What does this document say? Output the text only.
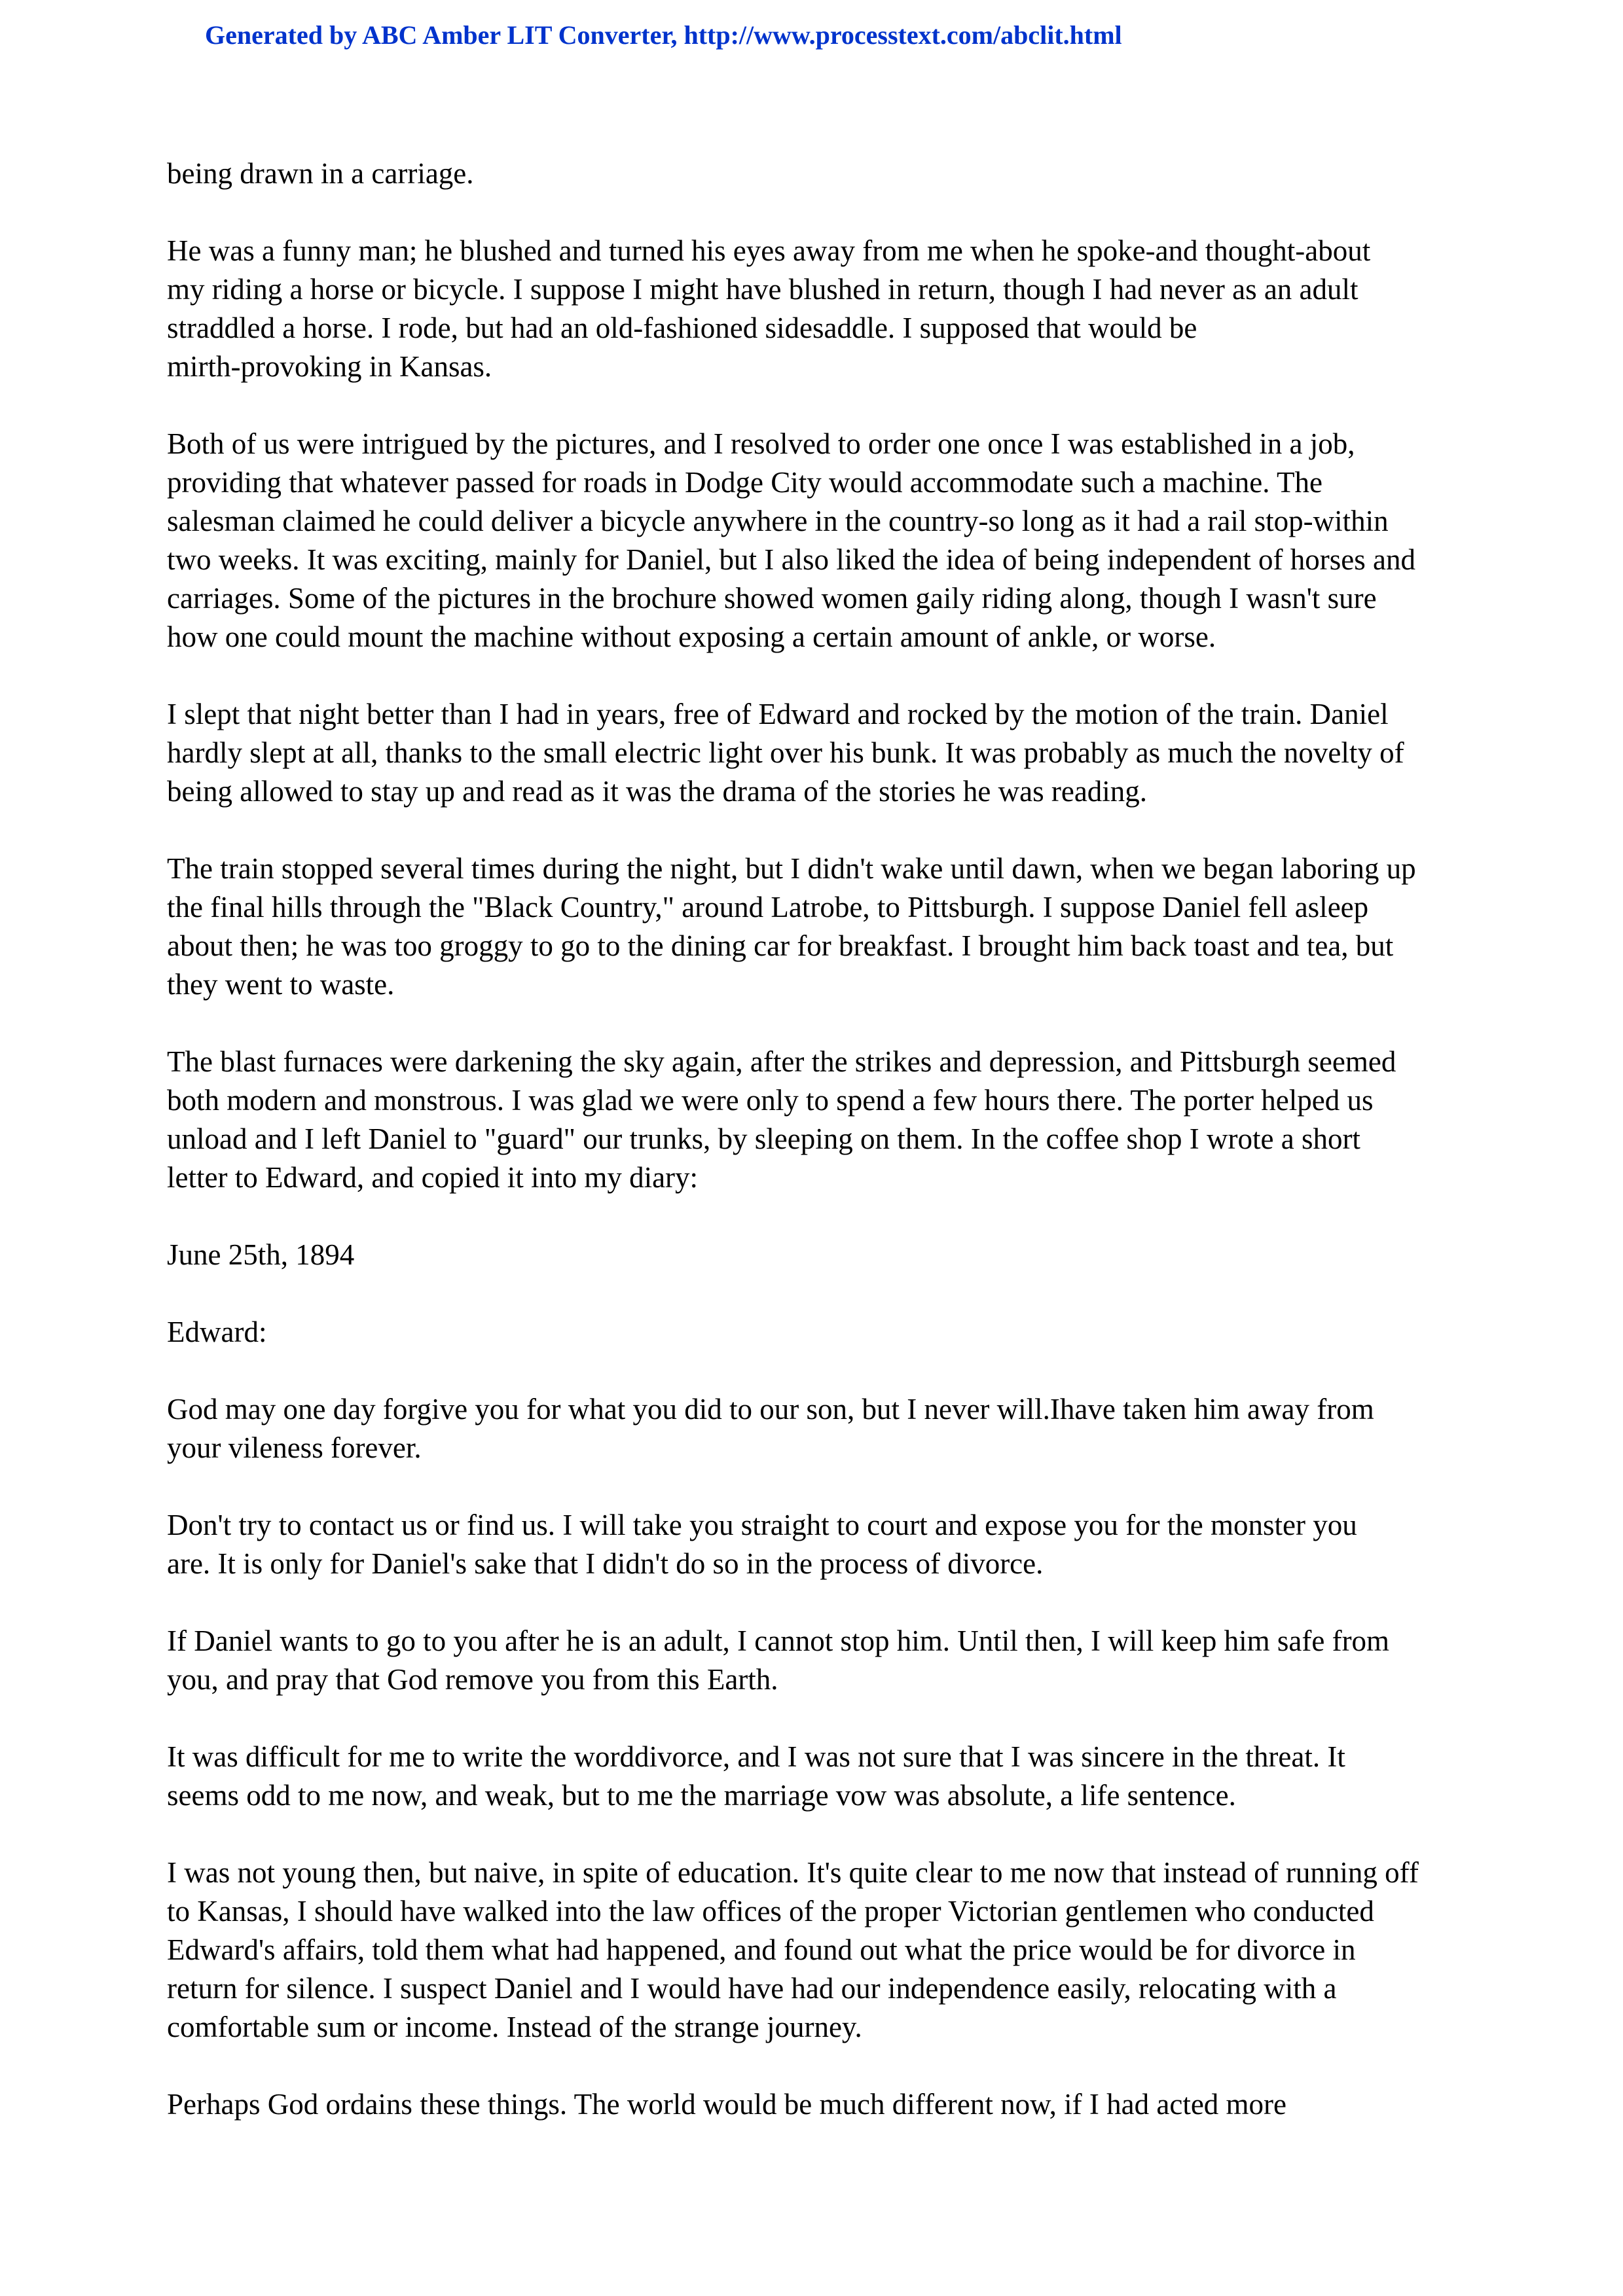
Generated by ABC Amber LIT Converter, http://www.processtext.com/abclit.html

being drawn in a carriage.

He was a funny man; he blushed and turned his eyes away from me when he spoke-and thought-about
my riding a horse or bicycle. I suppose I might have blushed in return, though I had never as an adult
straddled a horse. I rode, but had an old-fashioned sidesaddle. I supposed that would be
mirth-provoking in Kansas.

Both of us were intrigued by the pictures, and I resolved to order one once I was established in a job,
providing that whatever passed for roads in Dodge City would accommodate such a machine. The
salesman claimed he could deliver a bicycle anywhere in the country-so long as it had a rail stop-within
two weeks. It was exciting, mainly for Daniel, but I also liked the idea of being independent of horses and
carriages. Some of the pictures in the brochure showed women gaily riding along, though I wasn't sure
how one could mount the machine without exposing a certain amount of ankle, or worse.

I slept that night better than I had in years, free of Edward and rocked by the motion of the train. Daniel
hardly slept at all, thanks to the small electric light over his bunk. It was probably as much the novelty of
being allowed to stay up and read as it was the drama of the stories he was reading.

The train stopped several times during the night, but I didn't wake until dawn, when we began laboring up
the final hills through the "Black Country," around Latrobe, to Pittsburgh. I suppose Daniel fell asleep
about then; he was too groggy to go to the dining car for breakfast. I brought him back toast and tea, but
they went to waste.

The blast furnaces were darkening the sky again, after the strikes and depression, and Pittsburgh seemed
both modern and monstrous. I was glad we were only to spend a few hours there. The porter helped us
unload and I left Daniel to "guard" our trunks, by sleeping on them. In the coffee shop I wrote a short
letter to Edward, and copied it into my diary:

June 25th, 1894

Edward:

God may one day forgive you for what you did to our son, but I never will.Ihave taken him away from
your vileness forever.

Don't try to contact us or find us. I will take you straight to court and expose you for the monster you
are. It is only for Daniel's sake that I didn't do so in the process of divorce.

If Daniel wants to go to you after he is an adult, I cannot stop him. Until then, I will keep him safe from
you, and pray that God remove you from this Earth.

It was difficult for me to write the worddivorce, and I was not sure that I was sincere in the threat. It
seems odd to me now, and weak, but to me the marriage vow was absolute, a life sentence.

I was not young then, but naive, in spite of education. It's quite clear to me now that instead of running off
to Kansas, I should have walked into the law offices of the proper Victorian gentlemen who conducted
Edward's affairs, told them what had happened, and found out what the price would be for divorce in
return for silence. I suspect Daniel and I would have had our independence easily, relocating with a
comfortable sum or income. Instead of the strange journey.

Perhaps God ordains these things. The world would be much different now, if I had acted more
